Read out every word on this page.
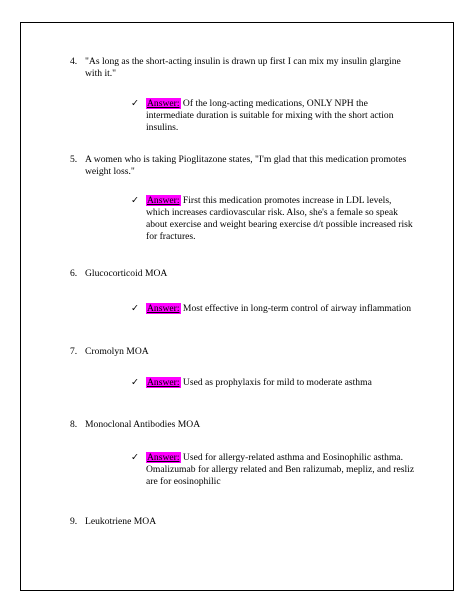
4. "As long as the short-acting insulin is drawn up first I can mix my insulin glargine with it."
✓ Answer: Of the long-acting medications, ONLY NPH the intermediate duration is suitable for mixing with the short action insulins.
5. A women who is taking Pioglitazone states, "I'm glad that this medication promotes weight loss."
✓ Answer: First this medication promotes increase in LDL levels, which increases cardiovascular risk. Also, she's a female so speak about exercise and weight bearing exercise d/t possible increased risk for fractures.
6. Glucocorticoid MOA
✓ Answer: Most effective in long-term control of airway inflammation
7. Cromolyn MOA
✓ Answer: Used as prophylaxis for mild to moderate asthma
8. Monoclonal Antibodies MOA
✓ Answer: Used for allergy-related asthma and Eosinophilic asthma. Omalizumab for allergy related and Ben ralizumab, mepliz, and resliz are for eosinophilic
9. Leukotriene MOA
